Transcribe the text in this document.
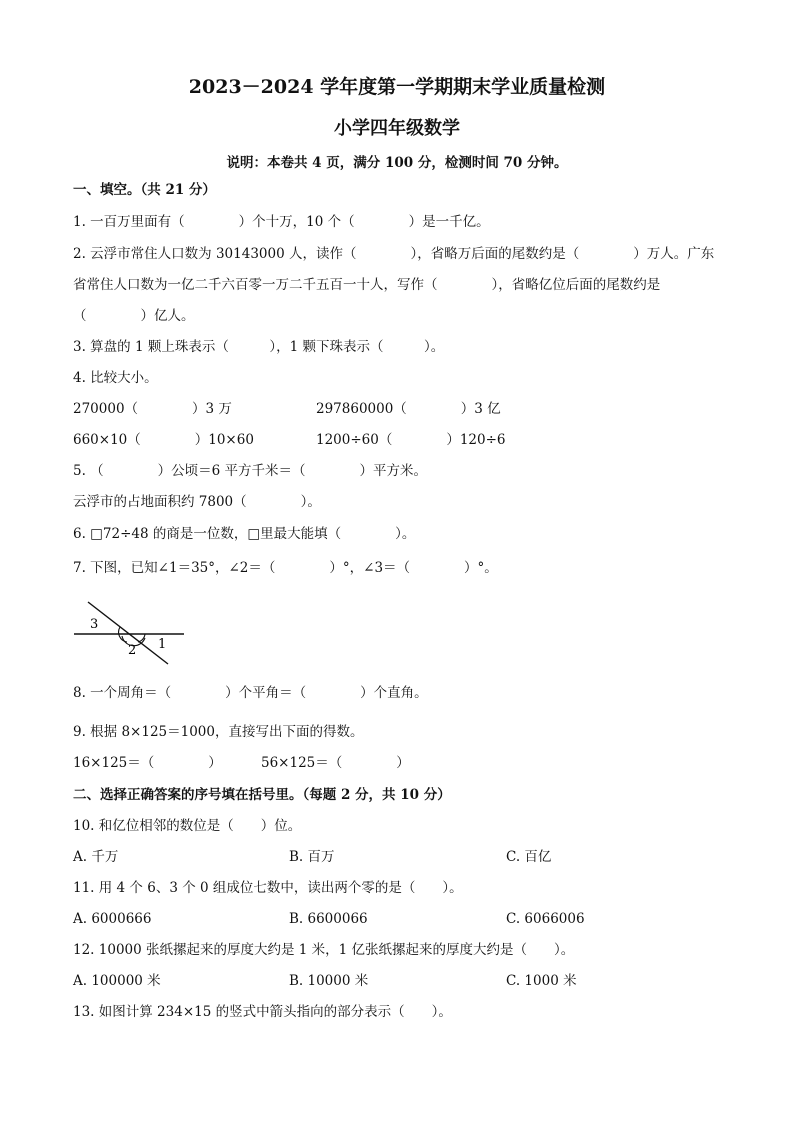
2023－2024 学年度第一学期期末学业质量检测
小学四年级数学
说明：本卷共 4 页，满分 100 分，检测时间 70 分钟。
一、填空。（共 21 分）
1. 一百万里面有（　　　　）个十万，10 个（　　　　）是一千亿。
2. 云浮市常住人口数为 30143000 人，读作（　　　　），省略万后面的尾数约是（　　　　）万人。广东
省常住人口数为一亿二千六百零一万二千五百一十人，写作（　　　　），省略亿位后面的尾数约是
（　　　　）亿人。
3. 算盘的 1 颗上珠表示（　　　），1 颗下珠表示（　　　）。
4. 比较大小。
270000（　　　　）3 万	297860000（　　　　）3 亿
660×10（　　　　）10×60	1200÷60（　　　　）120÷6
5. （　　　　）公顷＝6 平方千米＝（　　　　）平方米。
云浮市的占地面积约 7800（　　　　）。
6. □72÷48 的商是一位数，□里最大能填（　　　　）。
7. 下图，已知∠1＝35°，∠2＝（　　　　）°，∠3＝（　　　　）°。
3
2 1
8. 一个周角＝（　　　　）个平角＝（　　　　）个直角。
9. 根据 8×125＝1000，直接写出下面的得数。
16×125＝（　　　　）	56×125＝（　　　　）
二、选择正确答案的序号填在括号里。（每题 2 分，共 10 分）
10. 和亿位相邻的数位是（　　）位。
A. 千万	B. 百万	C. 百亿
11. 用 4 个 6、3 个 0 组成位七数中，读出两个零的是（　　）。
A. 6000666	B. 6600066	C. 6066006
12. 10000 张纸摞起来的厚度大约是 1 米，1 亿张纸摞起来的厚度大约是（　　）。
A. 100000 米	B. 10000 米	C. 1000 米
13. 如图计算 234×15 的竖式中箭头指向的部分表示（　　）。
